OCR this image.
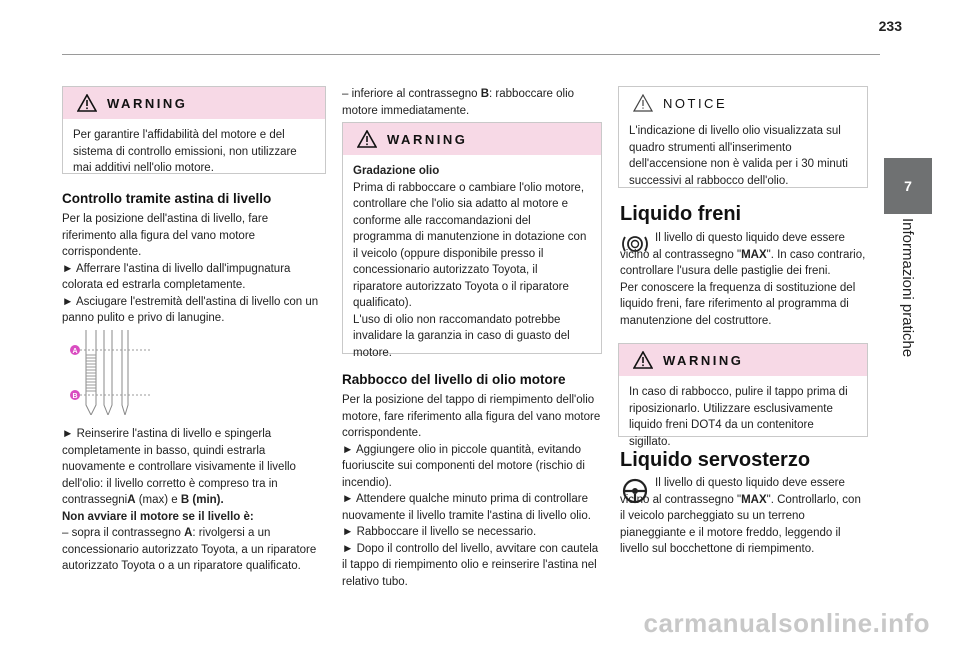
233
7
Informazioni pratiche
WARNING
Per garantire l'affidabilità del motore e del sistema di controllo emissioni, non utilizzare mai additivi nell'olio motore.
Controllo tramite astina di livello

Per la posizione dell'astina di livello, fare riferimento alla figura del vano motore corrispondente.

► Afferrare l'astina di livello dall'impugnatura colorata ed estrarla completamente.

► Asciugare l'estremità dell'astina di livello con un panno pulito e privo di lanugine.

A
B

► Reinserire l'astina di livello e spingerla completamente in basso, quindi estrarla nuovamente e controllare visivamente il livello dell'olio: il livello corretto è compreso tra in contrassegniA (max) e B (min).

Non avviare il motore se il livello è:

– sopra il contrassegno A: rivolgersi a un concessionario autorizzato Toyota, a un riparatore autorizzato Toyota o a un riparatore qualificato.

– inferiore al contrassegno B: rabboccare olio motore immediatamente.

WARNING
Gradazione olio
Prima di rabboccare o cambiare l'olio motore, controllare che l'olio sia adatto al motore e conforme alle raccomandazioni del programma di manutenzione in dotazione con il veicolo (oppure disponibile presso il concessionario autorizzato Toyota, il riparatore autorizzato Toyota o il riparatore qualificato).
L'uso di olio non raccomandato potrebbe invalidare la garanzia in caso di guasto del motore.
Rabbocco del livello di olio motore

Per la posizione del tappo di riempimento dell'olio motore, fare riferimento alla figura del vano motore corrispondente.

► Aggiungere olio in piccole quantità, evitando fuoriuscite sui componenti del motore (rischio di incendio).

► Attendere qualche minuto prima di controllare nuovamente il livello tramite l'astina di livello olio.

► Rabboccare il livello se necessario.

► Dopo il controllo del livello, avvitare con cautela il tappo di riempimento olio e reinserire l'astina nel relativo tubo.

NOTICE
L'indicazione di livello olio visualizzata sul quadro strumenti all'inserimento dell'accensione non è valida per i 30 minuti successivi al rabbocco dell'olio.
Liquido freni

Il livello di questo liquido deve essere vicino al contrassegno "MAX". In caso contrario, controllare l'usura delle pastiglie dei freni.

Per conoscere la frequenza di sostituzione del liquido freni, fare riferimento al programma di manutenzione del costruttore.

WARNING
In caso di rabbocco, pulire il tappo prima di riposizionarlo. Utilizzare esclusivamente liquido freni DOT4 da un contenitore sigillato.
Liquido servosterzo

Il livello di questo liquido deve essere vicino al contrassegno "MAX". Controllarlo, con il veicolo parcheggiato su un terreno pianeggiante e il motore freddo, leggendo il livello sul bocchettone di riempimento.

carmanualsonline.info
